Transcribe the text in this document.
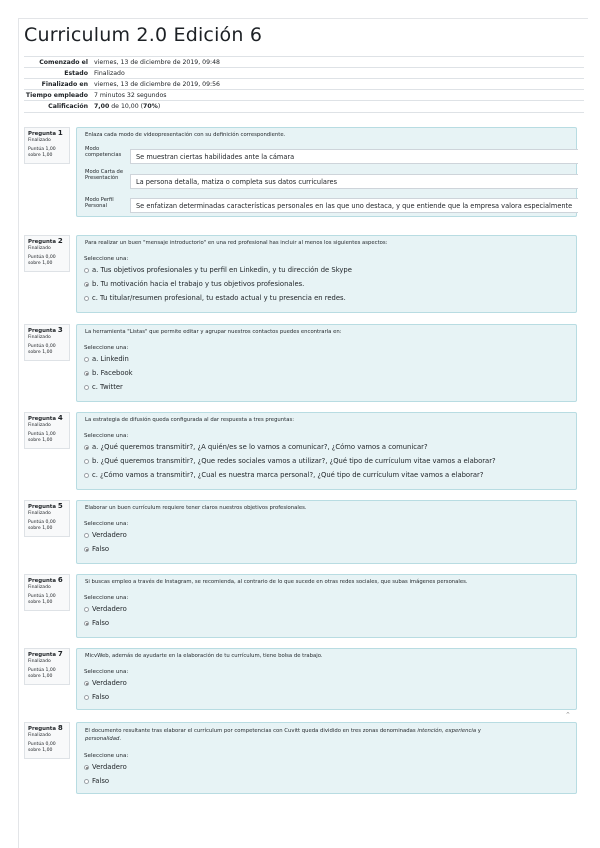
Curriculum 2.0 Edición 6
Comenzado el viernes, 13 de diciembre de 2019, 09:48
Estado Finalizado
Finalizado en viernes, 13 de diciembre de 2019, 09:56
Tiempo empleado 7 minutos 32 segundos
Calificación 7,00 de 10,00 (70%)
Pregunta 1
Finalizado
Puntúa 1,00
sobre 1,00
Enlaza cada modo de videopresentación con su definición correspondiente.
Modo competencias	Se muestran ciertas habilidades ante la cámara
Modo Carta de Presentación	La persona detalla, matiza o completa sus datos curriculares
Modo Perfil Personal	Se enfatizan determinadas características personales en las que uno destaca, y que entiende que la empresa valora especialmente
Pregunta 2
Finalizado
Puntúa 0,00
sobre 1,00
Para realizar un buen "mensaje introductorio" en una red profesional has incluir al menos los siguientes aspectos:
Seleccione una:
a. Tus objetivos profesionales y tu perfil en Linkedin, y tu dirección de Skype
b. Tu motivación hacia el trabajo y tus objetivos profesionales.
c. Tu titular/resumen profesional, tu estado actual y tu presencia en redes.
Pregunta 3
Finalizado
Puntúa 0,00
sobre 1,00
La herramienta "Listas" que permite editar y agrupar nuestros contactos puedes encontrarla en:
Seleccione una:
a. Linkedin
b. Facebook
c. Twitter
Pregunta 4
Finalizado
Puntúa 1,00
sobre 1,00
La estrategia de difusión queda configurada al dar respuesta a tres preguntas:
Seleccione una:
a. ¿Qué queremos transmitir?, ¿A quién/es se lo vamos a comunicar?, ¿Cómo vamos a comunicar?
b. ¿Qué queremos transmitir?, ¿Que redes sociales vamos a utilizar?, ¿Qué tipo de currículum vitae vamos a elaborar?
c. ¿Cómo vamos a transmitir?, ¿Cual es nuestra marca personal?, ¿Qué tipo de currículum vitae vamos a elaborar?
Pregunta 5
Finalizado
Puntúa 0,00
sobre 1,00
Elaborar un buen currículum requiere tener claros nuestros objetivos profesionales.
Seleccione una:
Verdadero
Falso
Pregunta 6
Finalizado
Puntúa 1,00
sobre 1,00
Si buscas empleo a través de Instagram, se recomienda, al contrario de lo que sucede en otras redes sociales, que subas imágenes personales.
Seleccione una:
Verdadero
Falso
Pregunta 7
Finalizado
Puntúa 1,00
sobre 1,00
MicvWeb, además de ayudarte en la elaboración de tu currículum, tiene bolsa de trabajo.
Seleccione una:
Verdadero
Falso
⌃
Pregunta 8
Finalizado
Puntúa 0,00
sobre 1,00
El documento resultante tras elaborar el currículum por competencias con Cuvitt queda dividido en tres zonas denominadas intención, experiencia y
personalidad.
Seleccione una:
Verdadero
Falso
